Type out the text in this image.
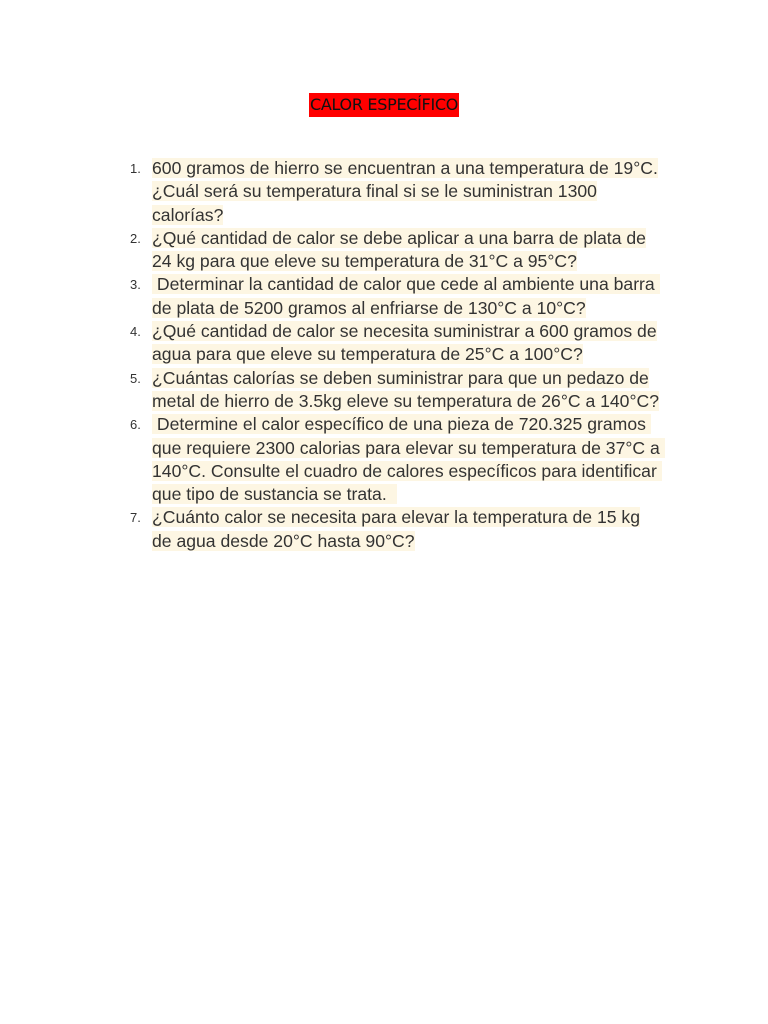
CALOR ESPECÍFICO
1. 600 gramos de hierro se encuentran a una temperatura de 19°C. ¿Cuál será su temperatura final si se le suministran 1300 calorías?
2. ¿Qué cantidad de calor se debe aplicar a una barra de plata de 24 kg para que eleve su temperatura de 31°C a 95°C?
3. Determinar la cantidad de calor que cede al ambiente una barra de plata de 5200 gramos al enfriarse de 130°C a 10°C?
4. ¿Qué cantidad de calor se necesita suministrar a 600 gramos de agua para que eleve su temperatura de 25°C a 100°C?
5. ¿Cuántas calorías se deben suministrar para que un pedazo de metal de hierro de 3.5kg eleve su temperatura de 26°C a 140°C?
6. Determine el calor específico de una pieza de 720.325 gramos que requiere 2300 calorias para elevar su temperatura de 37°C a 140°C. Consulte el cuadro de calores específicos para identificar que tipo de sustancia se trata.
7. ¿Cuánto calor se necesita para elevar la temperatura de 15 kg de agua desde 20°C hasta 90°C?
